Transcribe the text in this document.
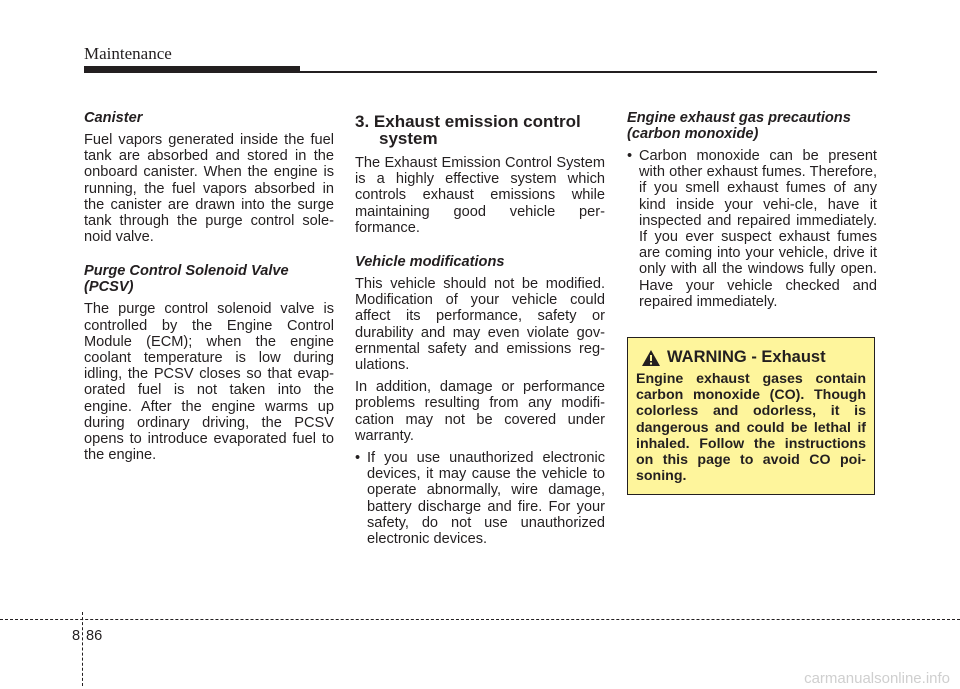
Maintenance
Canister

Fuel vapors generated inside the fuel tank are absorbed and stored in the onboard canister. When the engine is running, the fuel vapors absorbed in the canister are drawn into the surge tank through the purge control sole-noid valve.

Purge Control Solenoid Valve (PCSV)

The purge control solenoid valve is controlled by the Engine Control Module (ECM); when the engine coolant temperature is low during idling, the PCSV closes so that evap-orated fuel is not taken into the engine. After the engine warms up during ordinary driving, the PCSV opens to introduce evaporated fuel to the engine.

3. Exhaust emission control system

The Exhaust Emission Control System is a highly effective system which controls exhaust emissions while maintaining good vehicle per-formance.

Vehicle modifications

This vehicle should not be modified. Modification of your vehicle could affect its performance, safety or durability and may even violate gov-ernmental safety and emissions reg-ulations.

In addition, damage or performance problems resulting from any modifi-cation may not be covered under warranty.

• If you use unauthorized electronic devices, it may cause the vehicle to operate abnormally, wire damage, battery discharge and fire. For your safety, do not use unauthorized electronic devices.
Engine exhaust gas precautions (carbon monoxide)
• Carbon monoxide can be present with other exhaust fumes. Therefore, if you smell exhaust fumes of any kind inside your vehi-cle, have it inspected and repaired immediately. If you ever suspect exhaust fumes are coming into your vehicle, drive it only with all the windows fully open. Have your vehicle checked and repaired immediately.
WARNING - Exhaust
Engine exhaust gases contain carbon monoxide (CO). Though colorless and odorless, it is dangerous and could be lethal if inhaled. Follow the instructions on this page to avoid CO poi-soning.
8 86
carmanualsonline.info
